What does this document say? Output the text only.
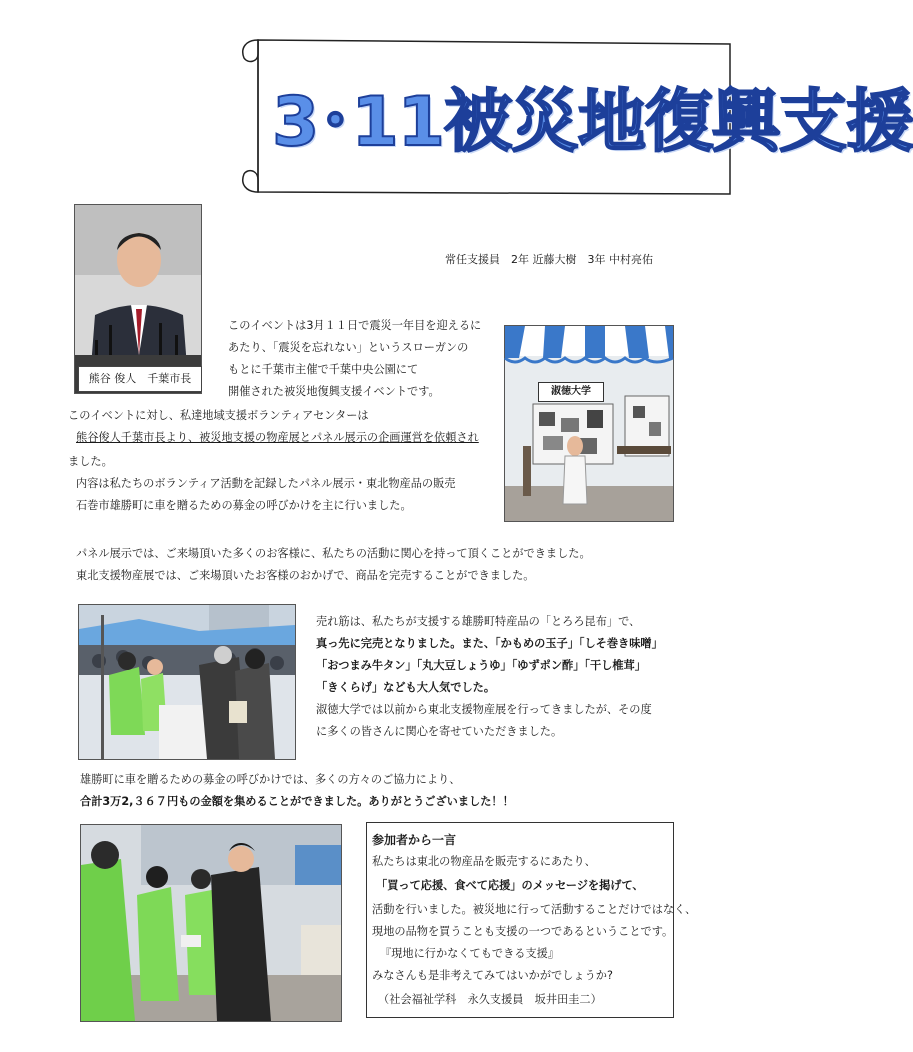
3･11被災地復興支援
常任支援員　2年 近藤大樹　3年 中村亮佑
熊谷 俊人　千葉市長
淑徳大学
このイベントは3月１１日で震災一年目を迎えるに
あたり、「震災を忘れない」というスローガンの
もとに千葉市主催で千葉中央公園にて
開催された被災地復興支援イベントです。
このイベントに対し、私達地域支援ボランティアセンターは
熊谷俊人千葉市長より、被災地支援の物産展とパネル展示の企画運営を依頼され
ました。
内容は私たちのボランティア活動を記録したパネル展示・東北物産品の販売
石巻市雄勝町に車を贈るための募金の呼びかけを主に行いました。
パネル展示では、ご来場頂いた多くのお客様に、私たちの活動に関心を持って頂くことができました。
東北支援物産展では、ご来場頂いたお客様のおかげで、商品を完売することができました。
売れ筋は、私たちが支援する雄勝町特産品の「とろろ昆布」で、
真っ先に完売となりました。また、「かもめの玉子」「しそ巻き味噌」
「おつまみ牛タン」「丸大豆しょうゆ」「ゆずポン酢」「干し椎茸」
「きくらげ」なども大人気でした。
淑徳大学では以前から東北支援物産展を行ってきましたが、その度
に多くの皆さんに関心を寄せていただきました。
雄勝町に車を贈るための募金の呼びかけでは、多くの方々のご協力により、
合計3万2,３６７円もの金額を集めることができました。ありがとうございました！！
参加者から一言
私たちは東北の物産品を販売するにあたり、
「買って応援、食べて応援」のメッセージを掲げて、
活動を行いました。被災地に行って活動することだけではなく、
現地の品物を買うことも支援の一つであるということです。
『現地に行かなくてもできる支援』
みなさんも是非考えてみてはいかがでしょうか?
（社会福祉学科　永久支援員　坂井田圭二）
